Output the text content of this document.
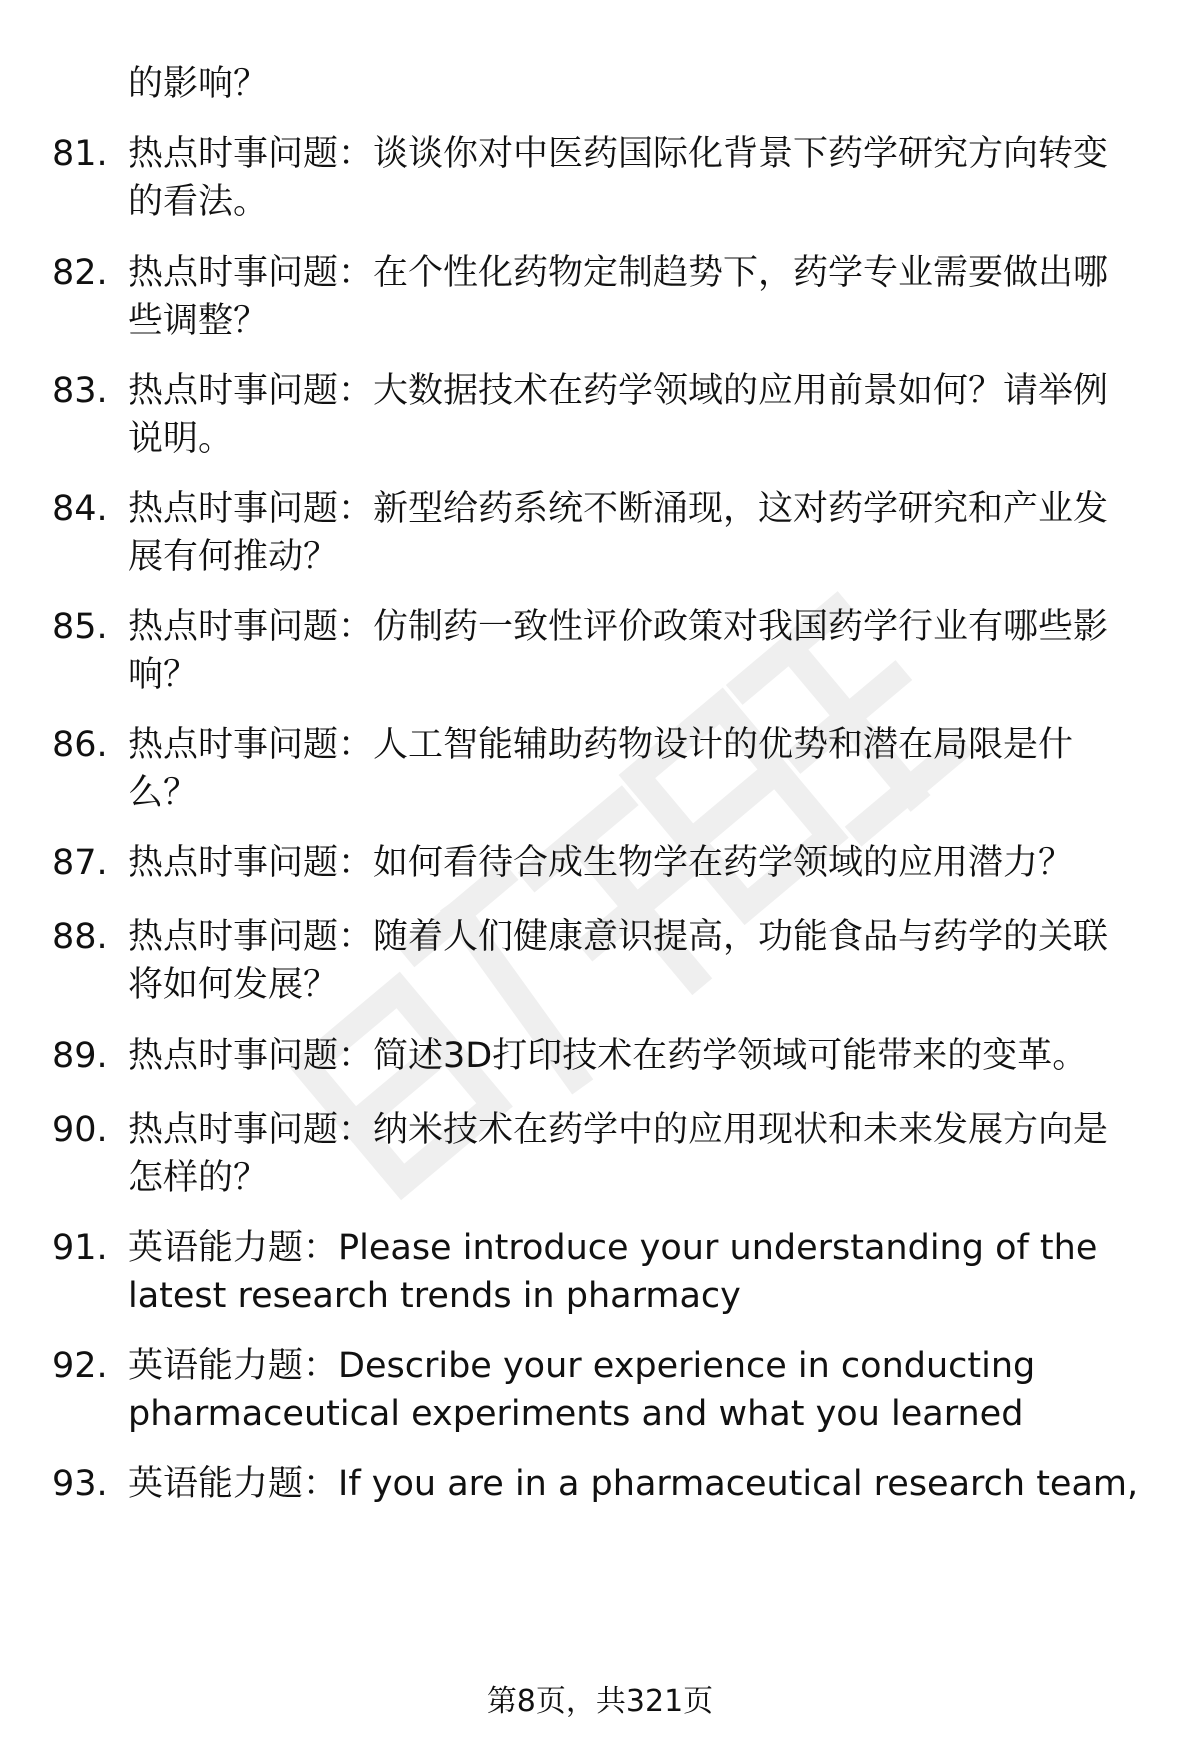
的影响？

81. 热点时事问题：谈谈你对中医药国际化背景下药学研究方向转变的看法。
82. 热点时事问题：在个性化药物定制趋势下，药学专业需要做出哪些调整？
83. 热点时事问题：大数据技术在药学领域的应用前景如何？请举例说明。
84. 热点时事问题：新型给药系统不断涌现，这对药学研究和产业发展有何推动？
85. 热点时事问题：仿制药一致性评价政策对我国药学行业有哪些影响？
86. 热点时事问题：人工智能辅助药物设计的优势和潜在局限是什么？
87. 热点时事问题：如何看待合成生物学在药学领域的应用潜力？
88. 热点时事问题：随着人们健康意识提高，功能食品与药学的关联将如何发展？
89. 热点时事问题：简述3D打印技术在药学领域可能带来的变革。
90. 热点时事问题：纳米技术在药学中的应用现状和未来发展方向是怎样的？
91. 英语能力题：Please introduce your understanding of the latest research trends in pharmacy
92. 英语能力题：Describe your experience in conducting pharmaceutical experiments and what you learned
93. 英语能力题：If you are in a pharmaceutical research team,
第8页，共321页
